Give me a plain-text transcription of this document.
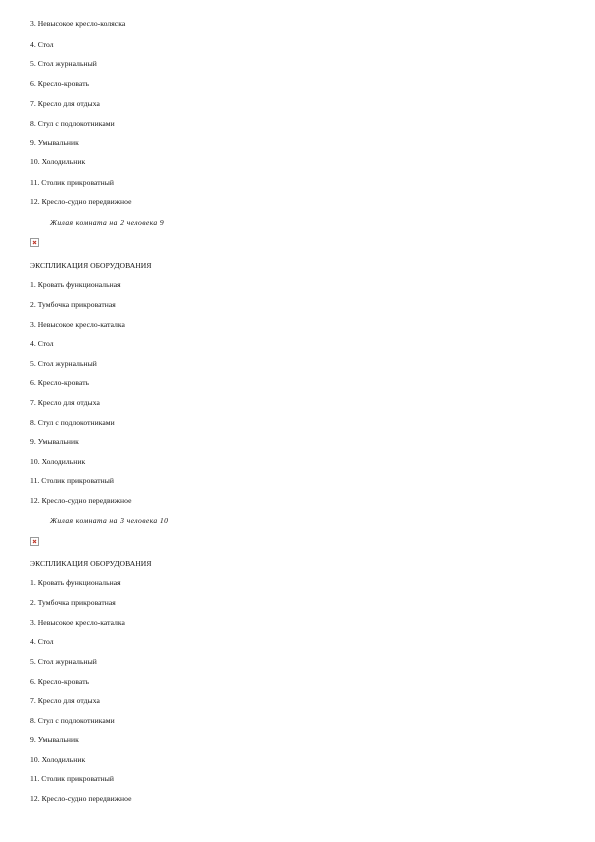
3. Невысокое кресло-коляска
4. Стол
5. Стол журнальный
6. Кресло-кровать
7. Кресло для отдыха
8. Стул с подлокотниками
9. Умывальник
10. Холодильник
11. Столик прикроватный
12. Кресло-судно передвижное
Жилая комната на 2 человека 9
ЭКСПЛИКАЦИЯ ОБОРУДОВАНИЯ
1. Кровать функциональная
2. Тумбочка прикроватная
3. Невысокое кресло-каталка
4. Стол
5. Стол журнальный
6. Кресло-кровать
7. Кресло для отдыха
8. Стул с подлокотниками
9. Умывальник
10. Холодильник
11. Столик прикроватный
12. Кресло-судно передвижное
Жилая комната на 3 человека 10
ЭКСПЛИКАЦИЯ ОБОРУДОВАНИЯ
1. Кровать функциональная
2. Тумбочка прикроватная
3. Невысокое кресло-каталка
4. Стол
5. Стол журнальный
6. Кресло-кровать
7. Кресло для отдыха
8. Стул с подлокотниками
9. Умывальник
10. Холодильник
11. Столик прикроватный
12. Кресло-судно передвижное
